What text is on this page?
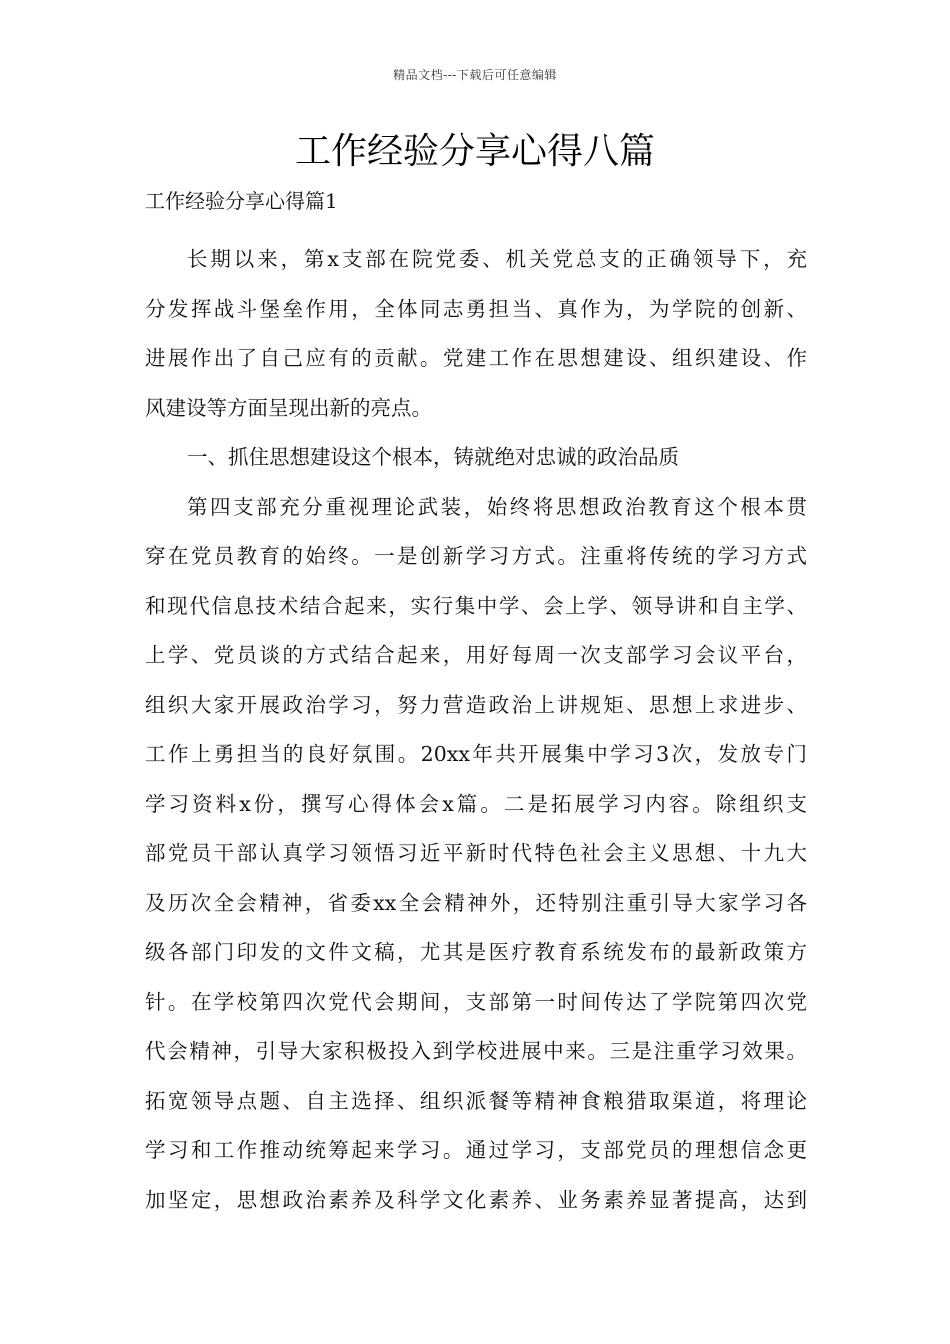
精品文档---下载后可任意编辑
工作经验分享心得八篇

工作经验分享心得篇1

长期以来，第x支部在院党委、机关党总支的正确领导下，充
分发挥战斗堡垒作用，全体同志勇担当、真作为，为学院的创新、
进展作出了自己应有的贡献。党建工作在思想建设、组织建设、作
风建设等方面呈现出新的亮点。
一、抓住思想建设这个根本，铸就绝对忠诚的政治品质
第四支部充分重视理论武装，始终将思想政治教育这个根本贯
穿在党员教育的始终。一是创新学习方式。注重将传统的学习方式
和现代信息技术结合起来，实行集中学、会上学、领导讲和自主学、
上学、党员谈的方式结合起来，用好每周一次支部学习会议平台，
组织大家开展政治学习，努力营造政治上讲规矩、思想上求进步、
工作上勇担当的良好氛围。20xx年共开展集中学习3次，发放专门
学习资料x份，撰写心得体会x篇。二是拓展学习内容。除组织支
部党员干部认真学习领悟习近平新时代特色社会主义思想、十九大
及历次全会精神，省委xx全会精神外，还特别注重引导大家学习各
级各部门印发的文件文稿，尤其是医疗教育系统发布的最新政策方
针。在学校第四次党代会期间，支部第一时间传达了学院第四次党
代会精神，引导大家积极投入到学校进展中来。三是注重学习效果。
拓宽领导点题、自主选择、组织派餐等精神食粮猎取渠道，将理论
学习和工作推动统筹起来学习。通过学习，支部党员的理想信念更
加坚定，思想政治素养及科学文化素养、业务素养显著提高，达到
